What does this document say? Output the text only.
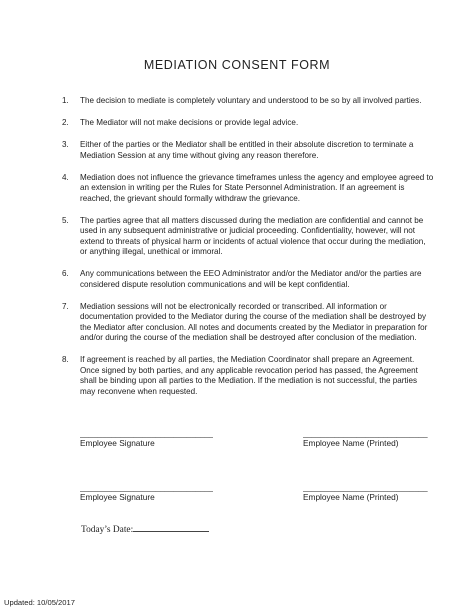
MEDIATION CONSENT FORM
1. The decision to mediate is completely voluntary and understood to be so by all involved parties.
2. The Mediator will not make decisions or provide legal advice.
3. Either of the parties or the Mediator shall be entitled in their absolute discretion to terminate a Mediation Session at any time without giving any reason therefore.
4. Mediation does not influence the grievance timeframes unless the agency and employee agreed to an extension in writing per the Rules for State Personnel Administration. If an agreement is reached, the grievant should formally withdraw the grievance.
5. The parties agree that all matters discussed during the mediation are confidential and cannot be used in any subsequent administrative or judicial proceeding. Confidentiality, however, will not extend to threats of physical harm or incidents of actual violence that occur during the mediation, or anything illegal, unethical or immoral.
6. Any communications between the EEO Administrator and/or the Mediator and/or the parties are considered dispute resolution communications and will be kept confidential.
7. Mediation sessions will not be electronically recorded or transcribed. All information or documentation provided to the Mediator during the course of the mediation shall be destroyed by the Mediator after conclusion. All notes and documents created by the Mediator in preparation for and/or during the course of the mediation shall be destroyed after conclusion of the mediation.
8. If agreement is reached by all parties, the Mediation Coordinator shall prepare an Agreement. Once signed by both parties, and any applicable revocation period has passed, the Agreement shall be binding upon all parties to the Mediation. If the mediation is not successful, the parties may reconvene when requested.
______________________________
Employee Signature
____________________________
Employee Name (Printed)
______________________________
Employee Signature
____________________________
Employee Name (Printed)
Today’s Date:
Updated: 10/05/2017
